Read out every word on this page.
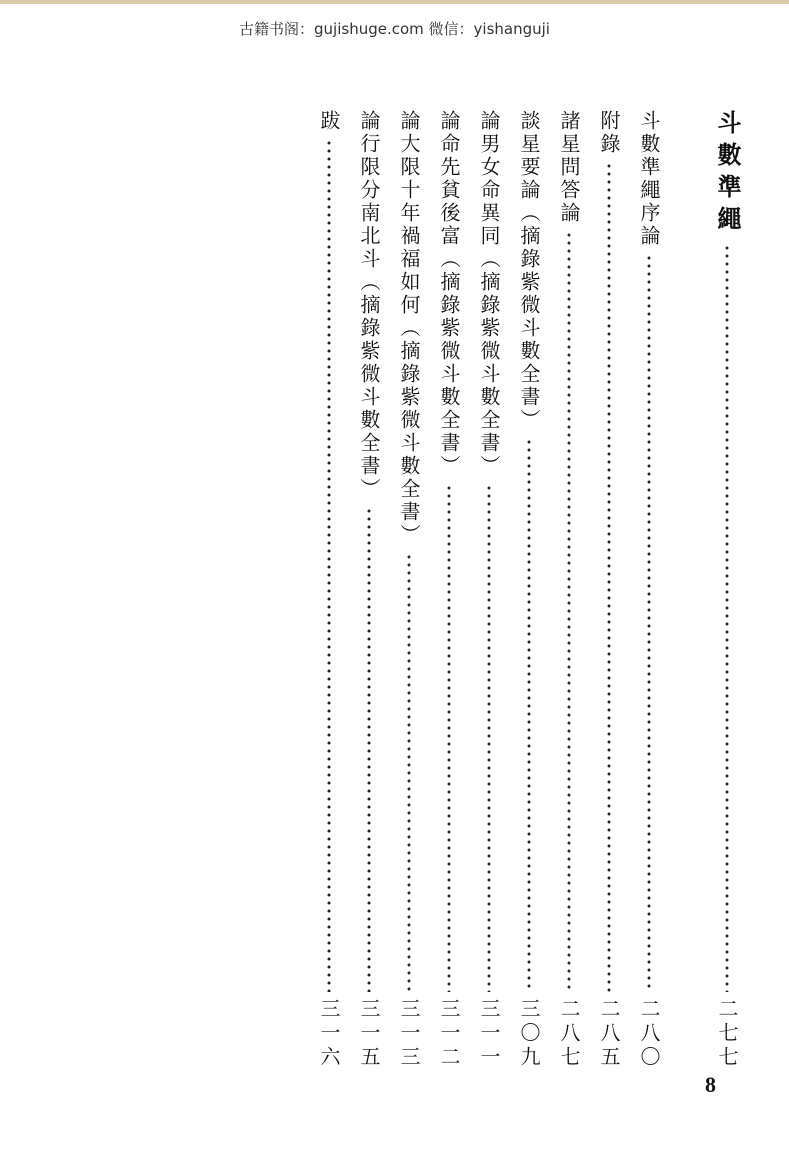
古籍书阁：gujishuge.com 微信：yishanguji
斗數準繩
二七七
斗數準繩序論
二八〇
附錄
二八五
諸星問答論
二八七
談星要論（摘錄紫微斗數全書）
三〇九
論男女命異同（摘錄紫微斗數全書）
三一一
論命先貧後富（摘錄紫微斗數全書）
三一二
論大限十年禍福如何（摘錄紫微斗數全書）
三一三
論行限分南北斗（摘錄紫微斗數全書）
三一五
跋
三一六
8
